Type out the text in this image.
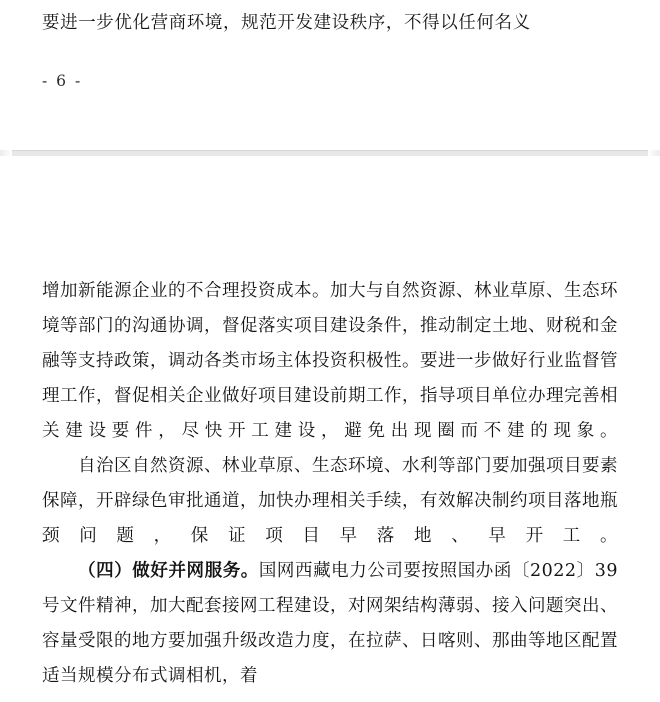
要进一步优化营商环境，规范开发建设秩序，不得以任何名义
- 6 -

增加新能源企业的不合理投资成本。加大与自然资源、林业草原、生态环境等部门的沟通协调，督促落实项目建设条件，推动制定土地、财税和金融等支持政策，调动各类市场主体投资积极性。要进一步做好行业监督管理工作，督促相关企业做好项目建设前期工作，指导项目单位办理完善相关建设要件，尽快开工建设，避免出现圈而不建的现象。

自治区自然资源、林业草原、生态环境、水利等部门要加强项目要素保障，开辟绿色审批通道，加快办理相关手续，有效解决制约项目落地瓶颈问题，保证项目早落地、早开工。

（四）做好并网服务。国网西藏电力公司要按照国办函〔2022〕39号文件精神，加大配套接网工程建设，对网架结构薄弱、接入问题突出、容量受限的地方要加强升级改造力度，在拉萨、日喀则、那曲等地区配置适当规模分布式调相机，着
